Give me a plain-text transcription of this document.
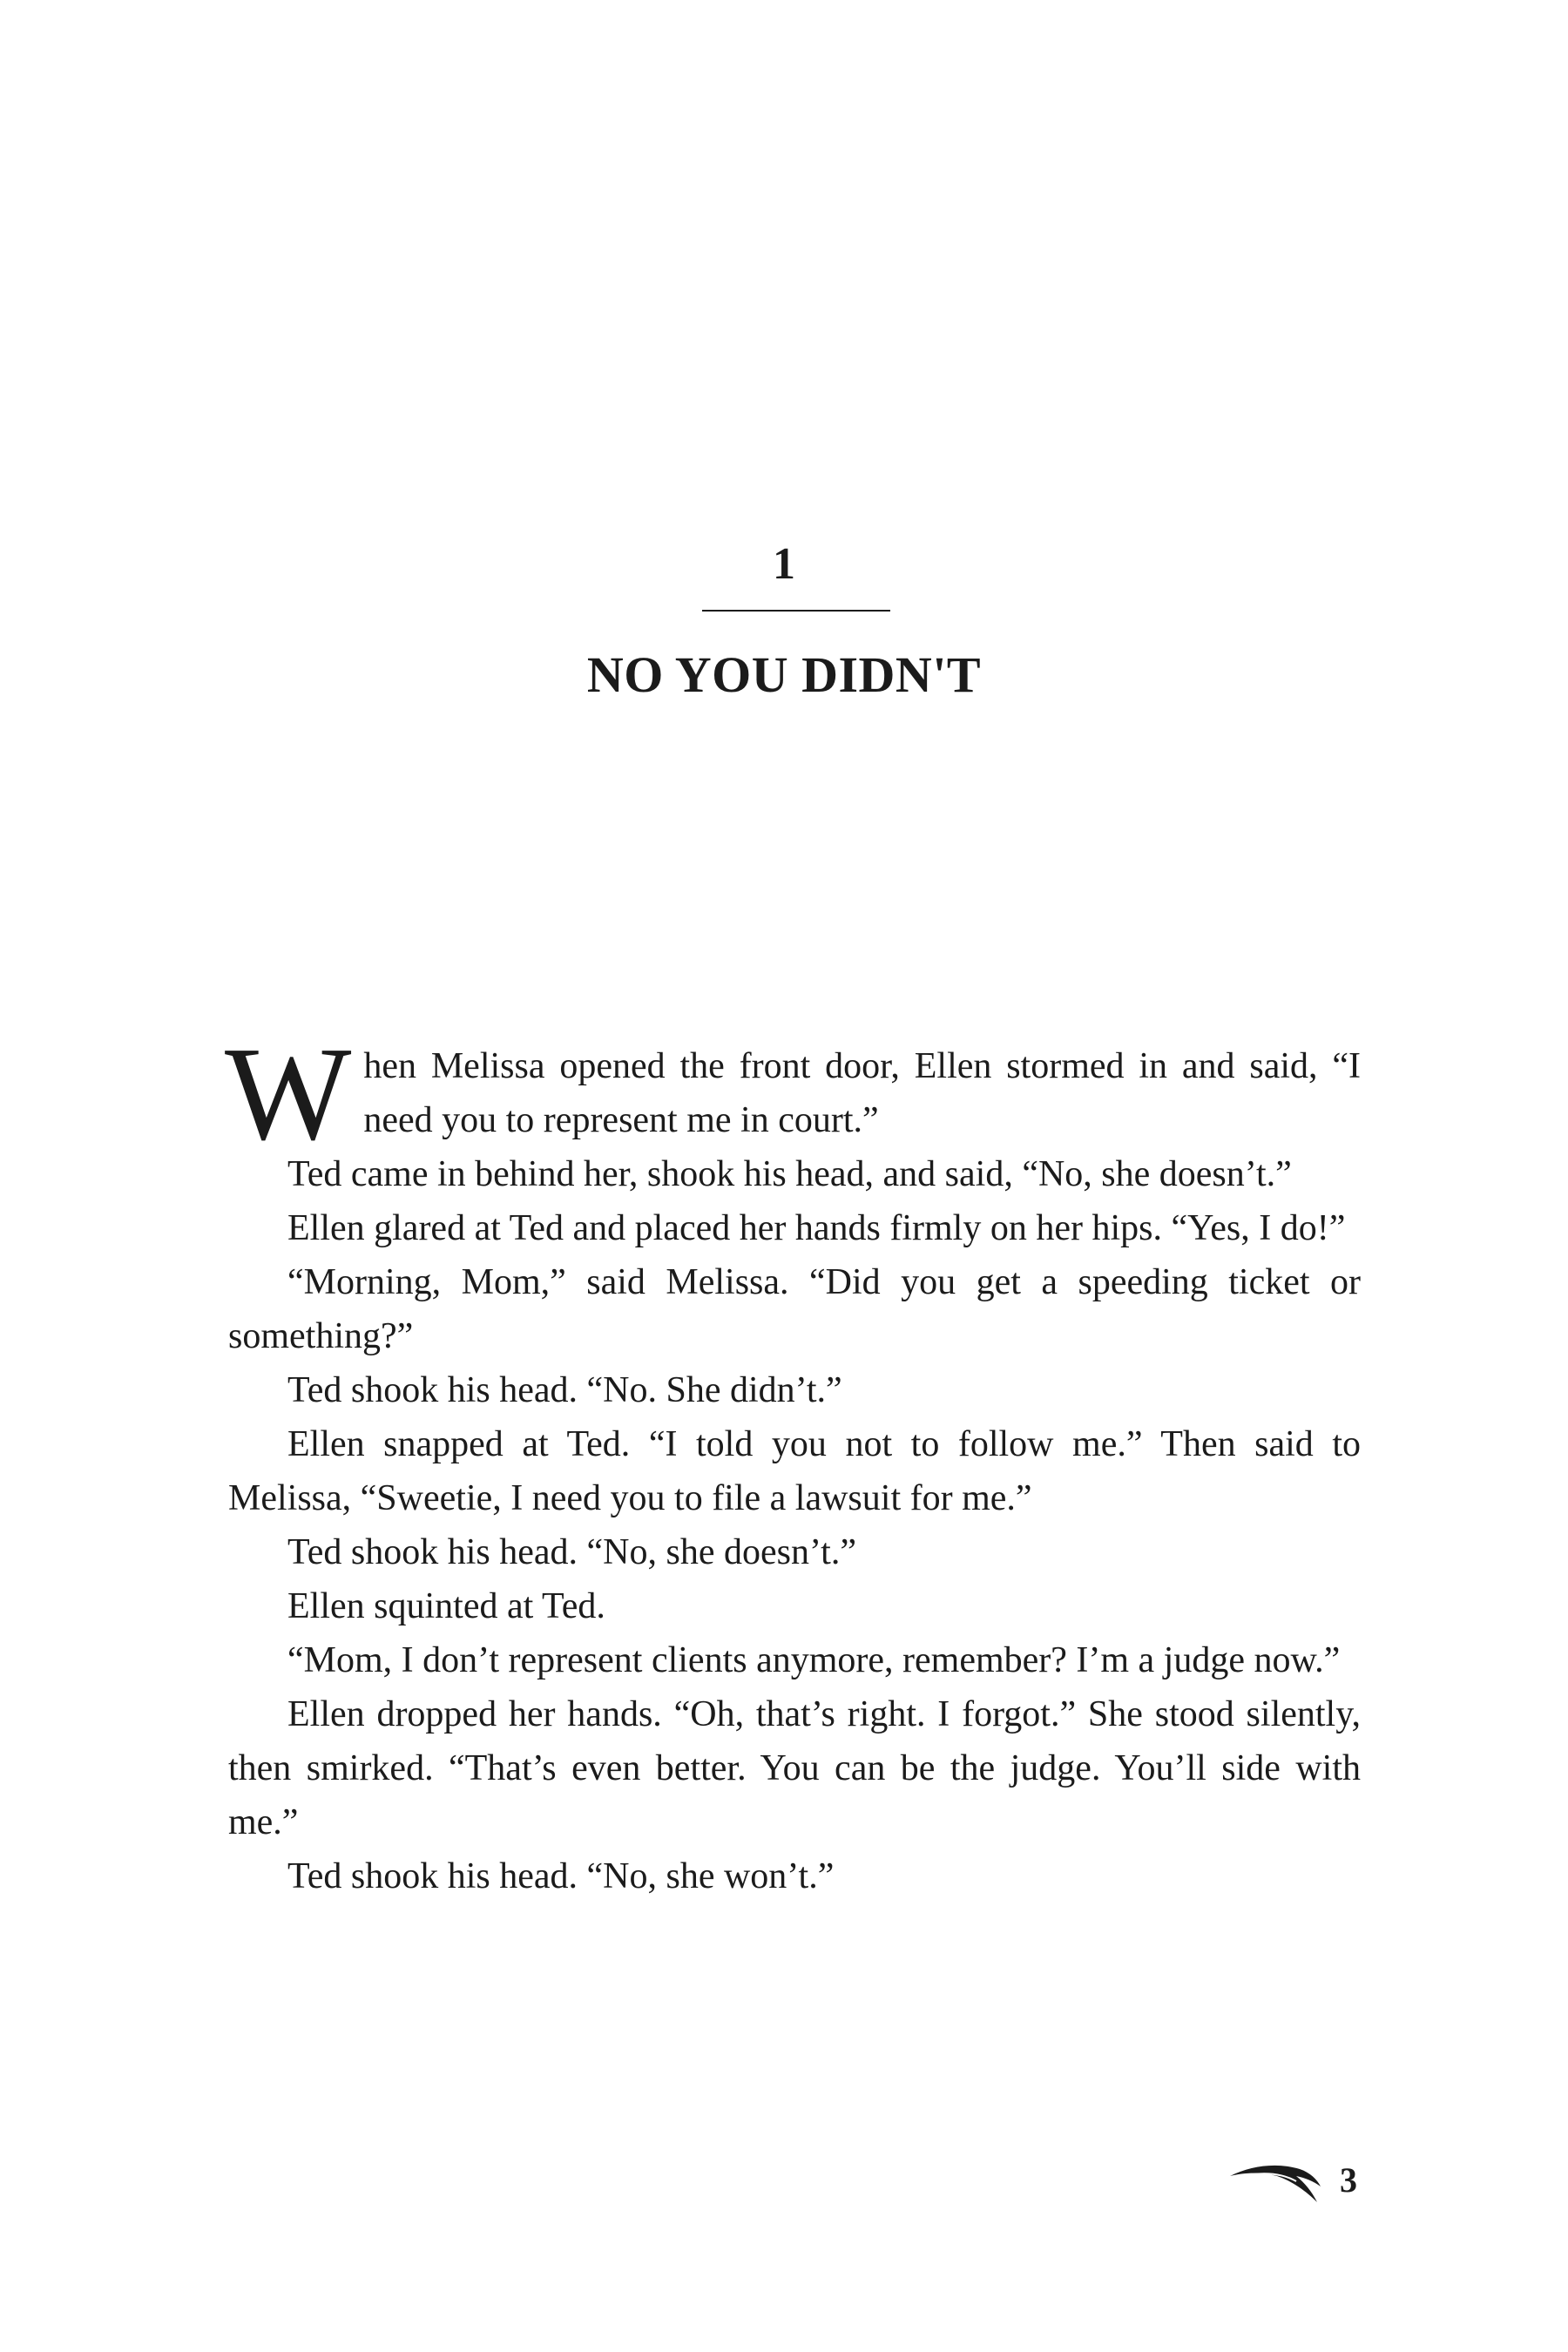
1
NO YOU DIDN'T

When Melissa opened the front door, Ellen stormed in and said, “I need you to represent me in court.”

Ted came in behind her, shook his head, and said, “No, she doesn’t.”

Ellen glared at Ted and placed her hands firmly on her hips. “Yes, I do!”

“Morning, Mom,” said Melissa. “Did you get a speeding ticket or something?”

Ted shook his head. “No. She didn’t.”

Ellen snapped at Ted. “I told you not to follow me.” Then said to Melissa, “Sweetie, I need you to file a lawsuit for me.”

Ted shook his head. “No, she doesn’t.”

Ellen squinted at Ted.

“Mom, I don’t represent clients anymore, remember? I’m a judge now.”

Ellen dropped her hands. “Oh, that’s right. I forgot.” She stood silently, then smirked. “That’s even better. You can be the judge. You’ll side with me.”

Ted shook his head. “No, she won’t.”

3
